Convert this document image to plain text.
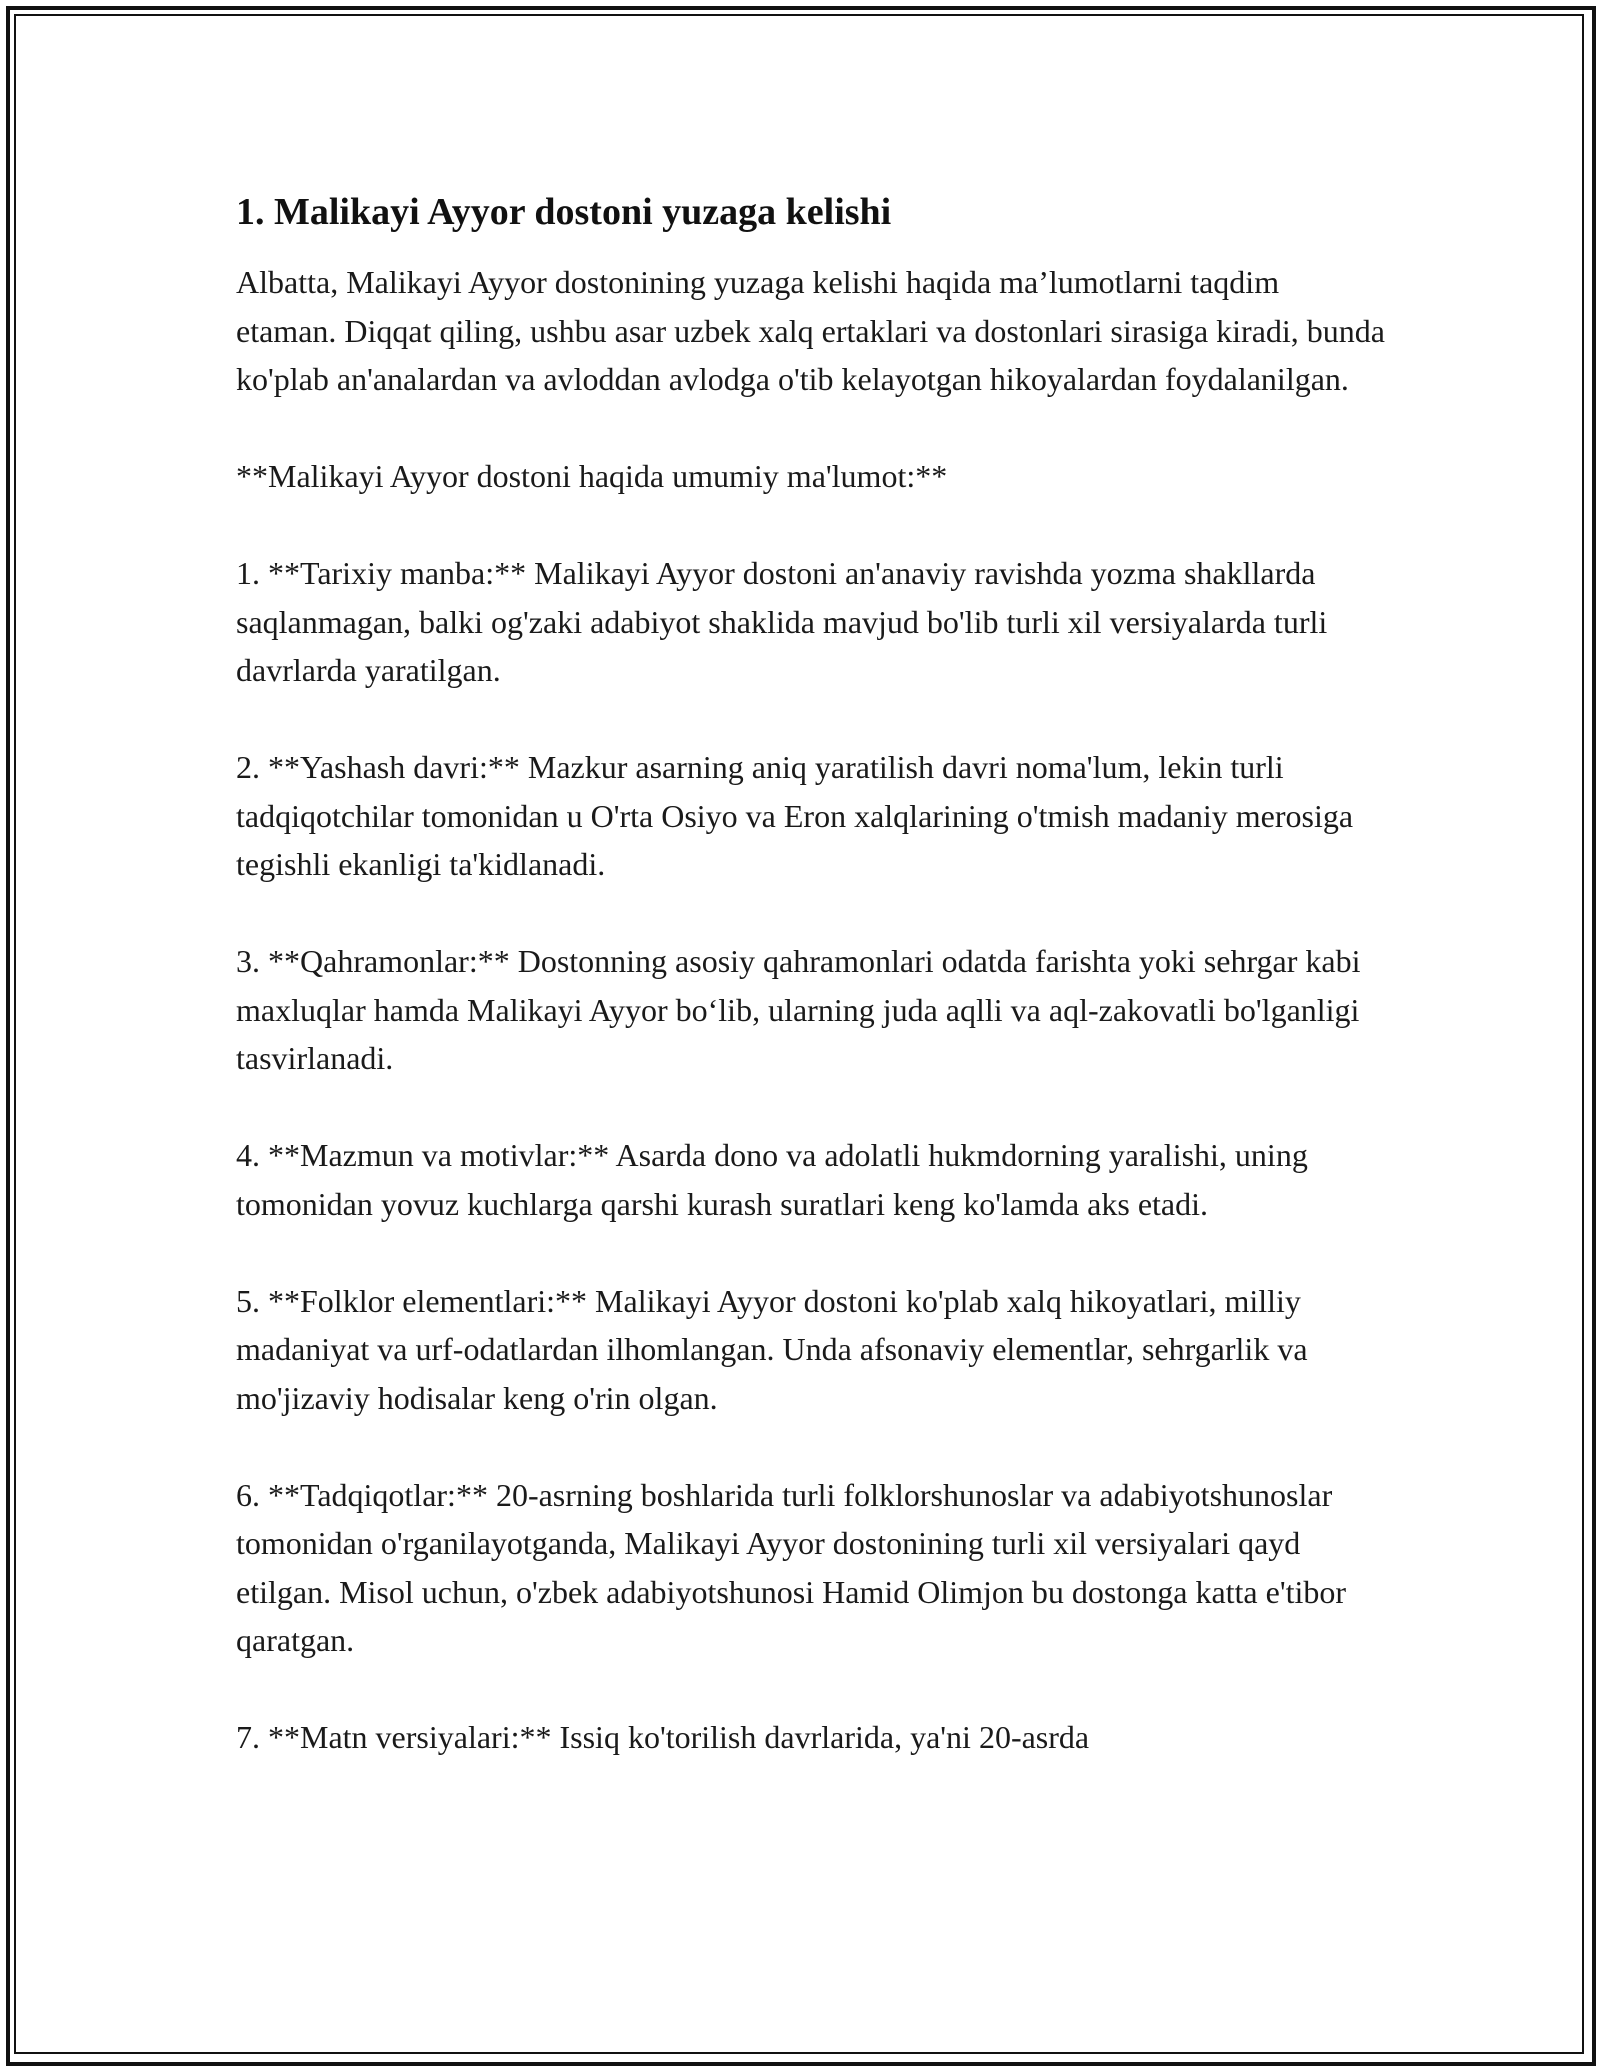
1. Malikayi Ayyor dostoni yuzaga kelishi

Albatta, Malikayi Ayyor dostonining yuzaga kelishi haqida ma’lumotlarni taqdim etaman. Diqqat qiling, ushbu asar uzbek xalq ertaklari va dostonlari sirasiga kiradi, bunda ko'plab an'analardan va avloddan avlodga o'tib kelayotgan hikoyalardan foydalanilgan.

**Malikayi Ayyor dostoni haqida umumiy ma'lumot:**

1. **Tarixiy manba:** Malikayi Ayyor dostoni an'anaviy ravishda yozma shakllarda saqlanmagan, balki og'zaki adabiyot shaklida mavjud bo'lib turli xil versiyalarda turli davrlarda yaratilgan.

2. **Yashash davri:** Mazkur asarning aniq yaratilish davri noma'lum, lekin turli tadqiqotchilar tomonidan u O'rta Osiyo va Eron xalqlarining o'tmish madaniy merosiga tegishli ekanligi ta'kidlanadi.

3. **Qahramonlar:** Dostonning asosiy qahramonlari odatda farishta yoki sehrgar kabi maxluqlar hamda Malikayi Ayyor bo‘lib, ularning juda aqlli va aql-zakovatli bo'lganligi tasvirlanadi.

4. **Mazmun va motivlar:** Asarda dono va adolatli hukmdorning yaralishi, uning tomonidan yovuz kuchlarga qarshi kurash suratlari keng ko'lamda aks etadi.

5. **Folklor elementlari:** Malikayi Ayyor dostoni ko'plab xalq hikoyatlari, milliy madaniyat va urf-odatlardan ilhomlangan. Unda afsonaviy elementlar, sehrgarlik va mo'jizaviy hodisalar keng o'rin olgan.

6. **Tadqiqotlar:** 20-asrning boshlarida turli folklorshunoslar va adabiyotshunoslar tomonidan o'rganilayotganda, Malikayi Ayyor dostonining turli xil versiyalari qayd etilgan. Misol uchun, o'zbek adabiyotshunosi Hamid Olimjon bu dostonga katta e'tibor qaratgan.

7. **Matn versiyalari:** Issiq ko'torilish davrlarida, ya'ni 20-asrda
